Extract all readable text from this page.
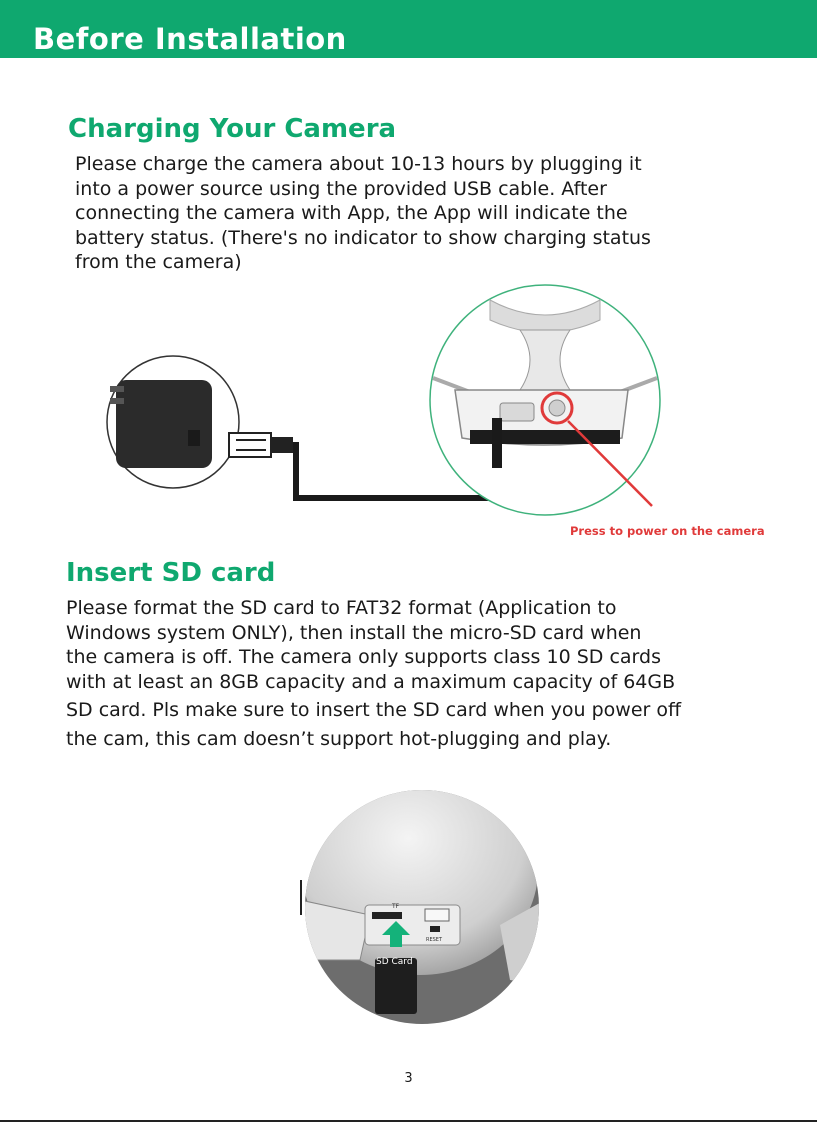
Before Installation
Charging Your Camera
Please charge the camera about 10-13 hours by plugging it
into a power source using the provided USB cable. After
connecting the camera with App, the App will indicate the
battery status. (There's no indicator to show charging status
from the camera)
Press to power on the camera
Insert SD card
Please format the SD card to FAT32 format (Application to
Windows system ONLY), then install the micro-SD card when
the camera is off. The camera only supports class 10 SD cards
with at least an 8GB capacity and a maximum capacity of 64GB
SD card. Pls make sure to insert the SD card when you power off
the cam, this cam doesn’t support hot-plugging and play.
TF
RESET
SD Card
3
